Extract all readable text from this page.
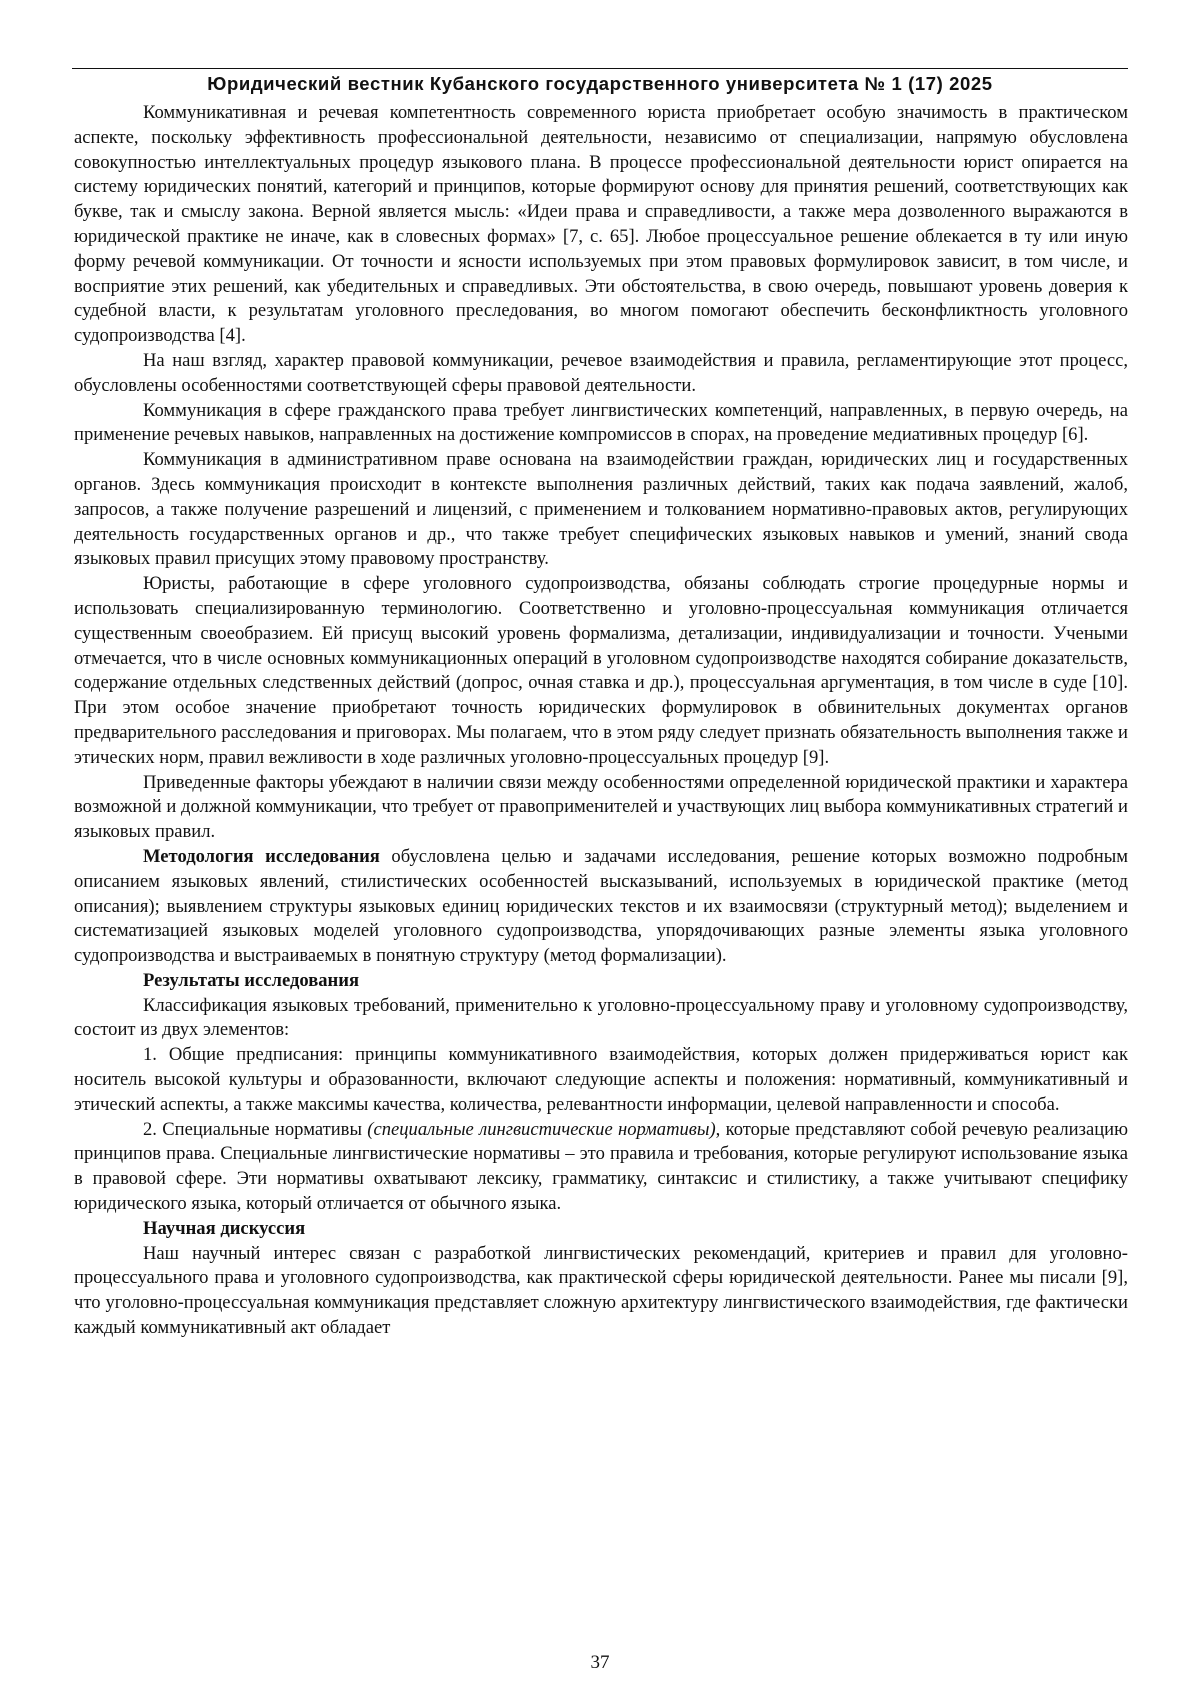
Юридический вестник Кубанского государственного университета № 1 (17) 2025

Коммуникативная и речевая компетентность современного юриста приобретает особую значимость в практическом аспекте, поскольку эффективность профессиональной деятельности, независимо от специализации, напрямую обусловлена совокупностью интеллектуальных процедур языкового плана. В процессе профессиональной деятельности юрист опирается на систему юридических понятий, категорий и принципов, которые формируют основу для принятия решений, соответствующих как букве, так и смыслу закона. Верной является мысль: «Идеи права и справедливости, а также мера дозволенного выражаются в юридической практике не иначе, как в словесных формах» [7, с. 65]. Любое процессуальное решение облекается в ту или иную форму речевой коммуникации. От точности и ясности используемых при этом правовых формулировок зависит, в том числе, и восприятие этих решений, как убедительных и справедливых. Эти обстоятельства, в свою очередь, повышают уровень доверия к судебной власти, к результатам уголовного преследования, во многом помогают обеспечить бесконфликтность уголовного судопроизводства [4].

На наш взгляд, характер правовой коммуникации, речевое взаимодействия и правила, регламентирующие этот процесс, обусловлены особенностями соответствующей сферы правовой деятельности.

Коммуникация в сфере гражданского права требует лингвистических компетенций, направленных, в первую очередь, на применение речевых навыков, направленных на достижение компромиссов в спорах, на проведение медиативных процедур [6].

Коммуникация в административном праве основана на взаимодействии граждан, юридических лиц и государственных органов. Здесь коммуникация происходит в контексте выполнения различных действий, таких как подача заявлений, жалоб, запросов, а также получение разрешений и лицензий, с применением и толкованием нормативно-правовых актов, регулирующих деятельность государственных органов и др., что также требует специфических языковых навыков и умений, знаний свода языковых правил присущих этому правовому пространству.

Юристы, работающие в сфере уголовного судопроизводства, обязаны соблюдать строгие процедурные нормы и использовать специализированную терминологию. Соответственно и уголовно-процессуальная коммуникация отличается существенным своеобразием. Ей присущ высокий уровень формализма, детализации, индивидуализации и точности. Учеными отмечается, что в числе основных коммуникационных операций в уголовном судопроизводстве находятся собирание доказательств, содержание отдельных следственных действий (допрос, очная ставка и др.), процессуальная аргументация, в том числе в суде [10]. При этом особое значение приобретают точность юридических формулировок в обвинительных документах органов предварительного расследования и приговорах. Мы полагаем, что в этом ряду следует признать обязательность выполнения также и этических норм, правил вежливости в ходе различных уголовно-процессуальных процедур [9].

Приведенные факторы убеждают в наличии связи между особенностями определенной юридической практики и характера возможной и должной коммуникации, что требует от правоприменителей и участвующих лиц выбора коммуникативных стратегий и языковых правил.

Методология исследования обусловлена целью и задачами исследования, решение которых возможно подробным описанием языковых явлений, стилистических особенностей высказываний, используемых в юридической практике (метод описания); выявлением структуры языковых единиц юридических текстов и их взаимосвязи (структурный метод); выделением и систематизацией языковых моделей уголовного судопроизводства, упорядочивающих разные элементы языка уголовного судопроизводства и выстраиваемых в понятную структуру (метод формализации).

Результаты исследования

Классификация языковых требований, применительно к уголовно-процессуальному праву и уголовному судопроизводству, состоит из двух элементов:

1. Общие предписания: принципы коммуникативного взаимодействия, которых должен придерживаться юрист как носитель высокой культуры и образованности, включают следующие аспекты и положения: нормативный, коммуникативный и этический аспекты, а также максимы качества, количества, релевантности информации, целевой направленности и способа.

2. Специальные нормативы (специальные лингвистические нормативы), которые представляют собой речевую реализацию принципов права. Специальные лингвистические нормативы – это правила и требования, которые регулируют использование языка в правовой сфере. Эти нормативы охватывают лексику, грамматику, синтаксис и стилистику, а также учитывают специфику юридического языка, который отличается от обычного языка.

Научная дискуссия

Наш научный интерес связан с разработкой лингвистических рекомендаций, критериев и правил для уголовно-процессуального права и уголовного судопроизводства, как практической сферы юридической деятельности. Ранее мы писали [9], что уголовно-процессуальная коммуникация представляет сложную архитектуру лингвистического взаимодействия, где фактически каждый коммуникативный акт обладает

37
